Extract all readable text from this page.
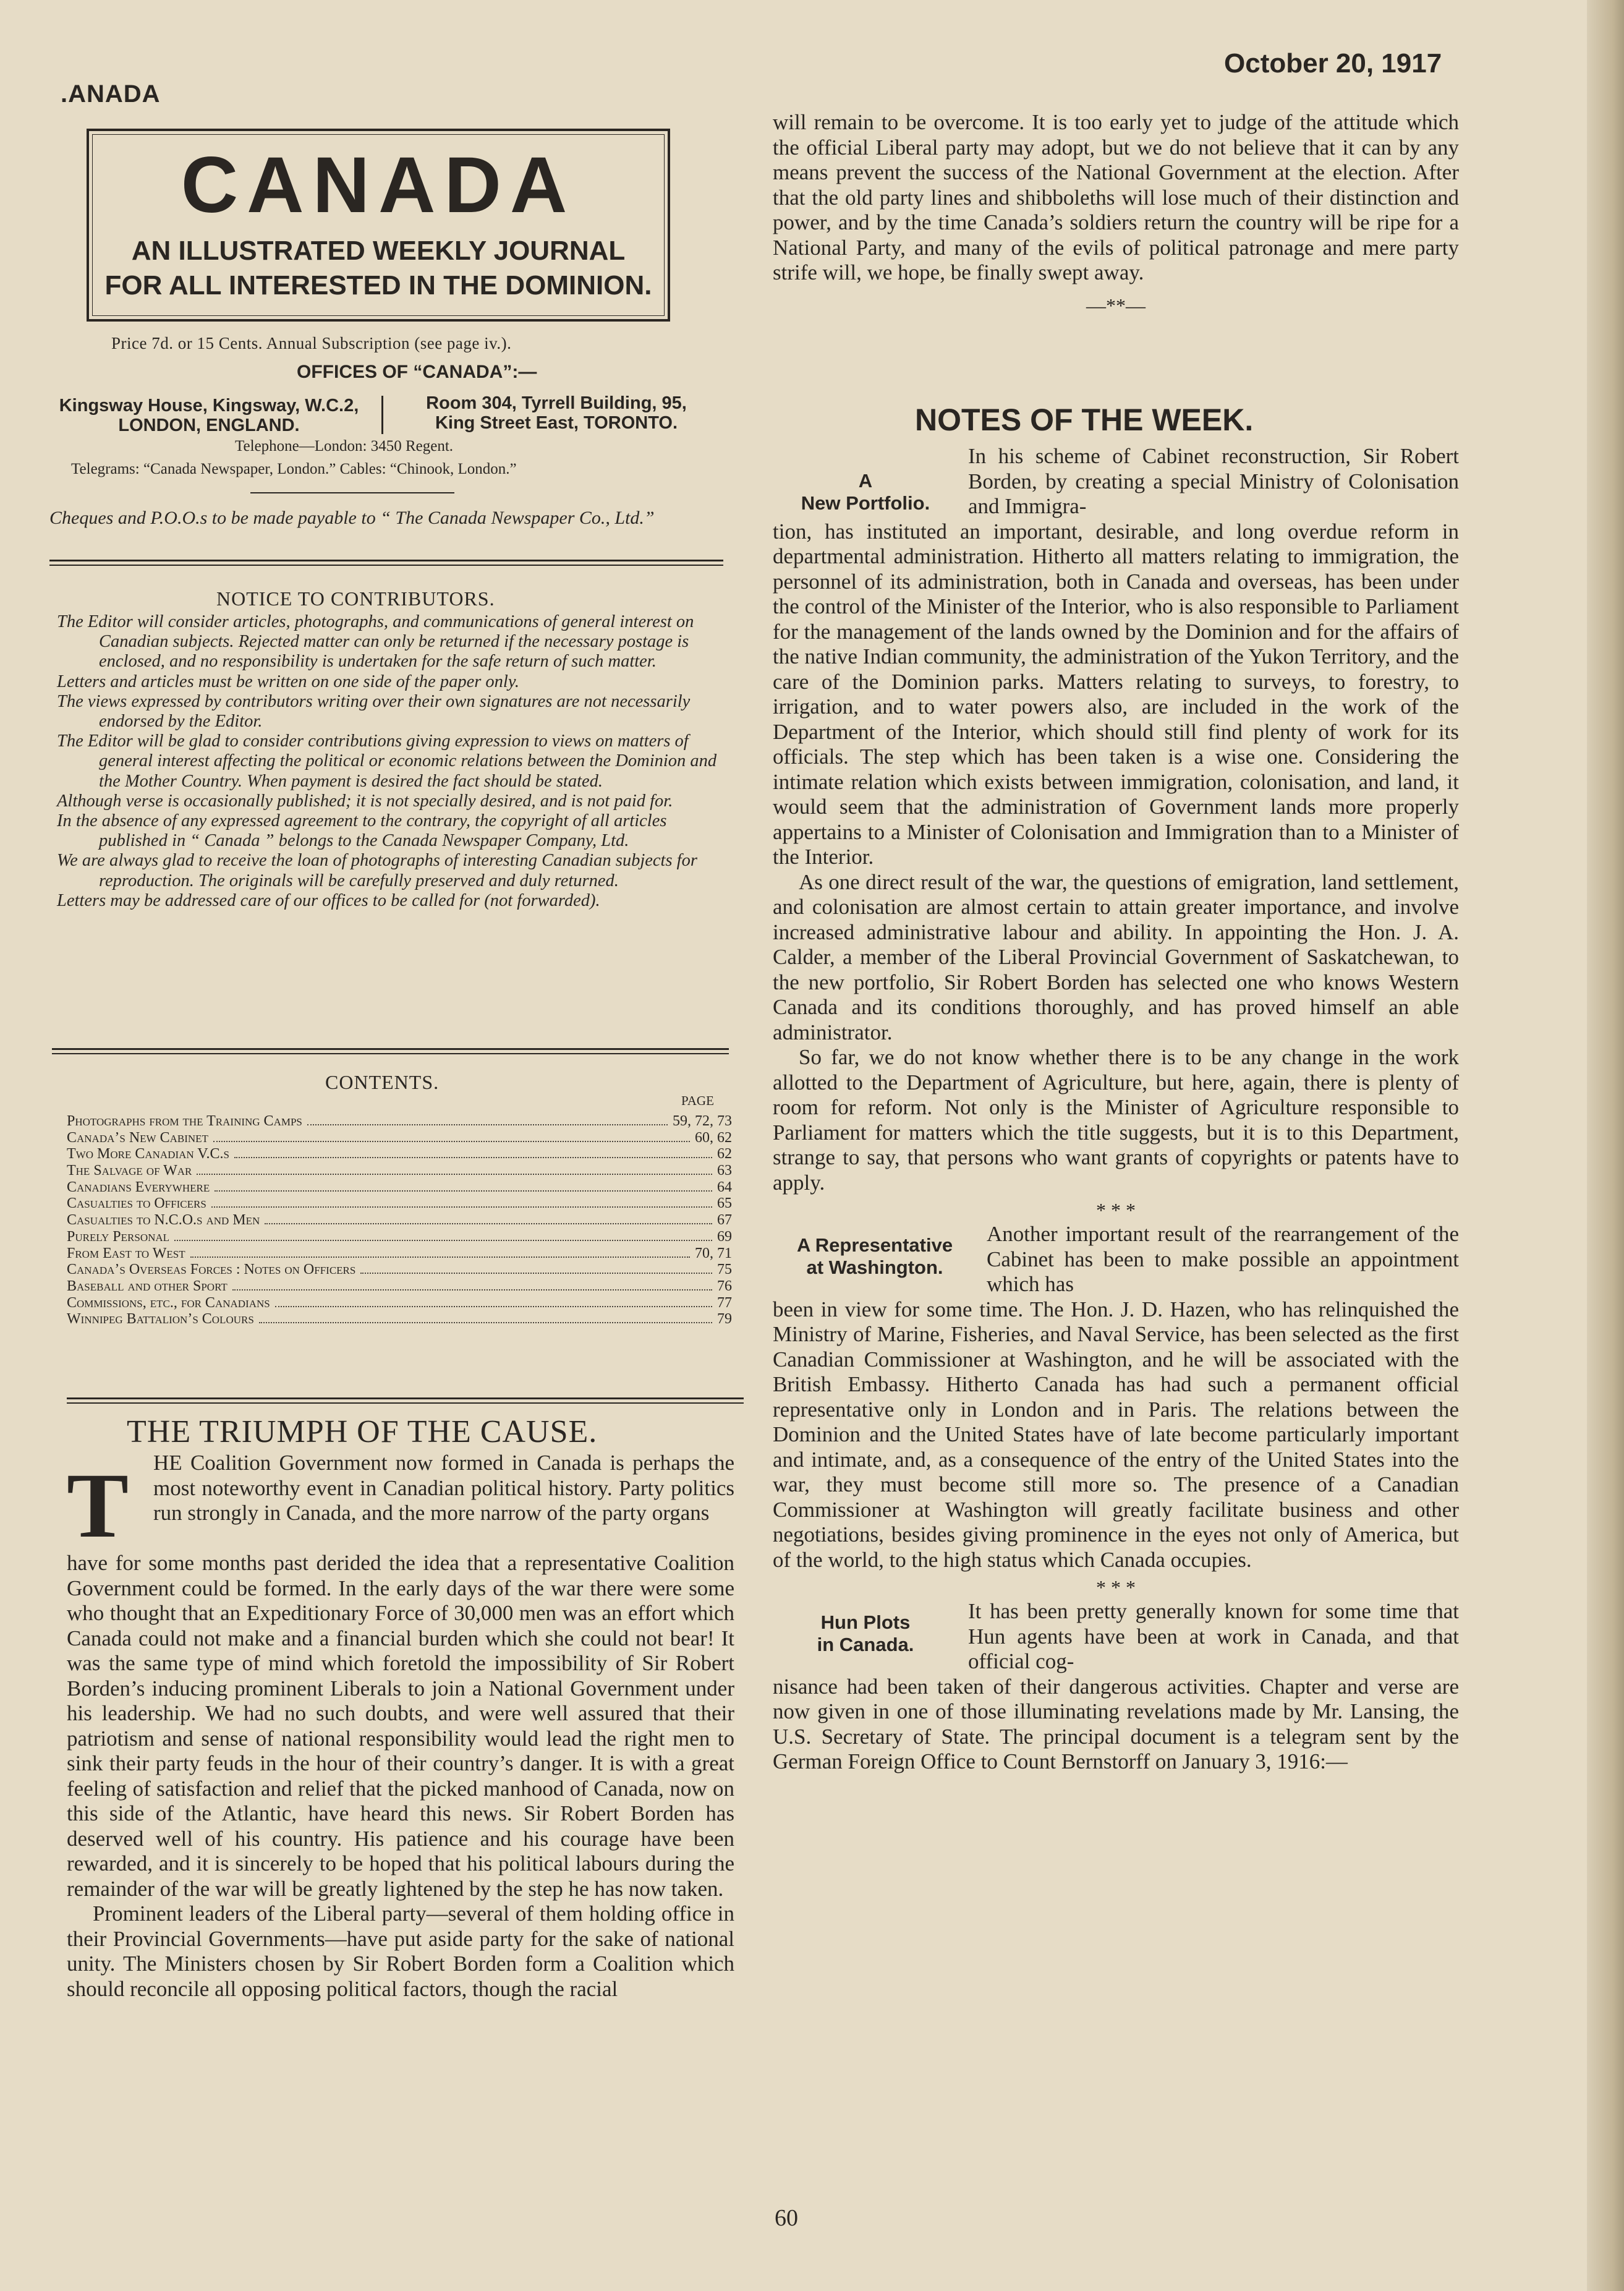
.ANADA
October 20, 1917
CANADA
AN ILLUSTRATED WEEKLY JOURNAL
FOR ALL INTERESTED IN THE DOMINION.
Price 7d. or 15 Cents. Annual Subscription (see page iv.).
OFFICES OF “CANADA”:—
Kingsway House, Kingsway, W.C.2,
LONDON, ENGLAND.
Room 304, Tyrrell Building, 95,
King Street East, TORONTO.
Telephone—London: 3450 Regent.
Telegrams: “Canada Newspaper, London.” Cables: “Chinook, London.”
Cheques and P.O.O.s to be made payable to “ The Canada Newspaper Co., Ltd.”
NOTICE TO CONTRIBUTORS.

The Editor will consider articles, photographs, and communications of general interest on Canadian subjects. Rejected matter can only be returned if the necessary postage is enclosed, and no responsibility is undertaken for the safe return of such matter.

Letters and articles must be written on one side of the paper only.

The views expressed by contributors writing over their own signatures are not necessarily endorsed by the Editor.

The Editor will be glad to consider contributions giving expression to views on matters of general interest affecting the political or economic relations between the Dominion and the Mother Country. When payment is desired the fact should be stated.

Although verse is occasionally published; it is not specially desired, and is not paid for.

In the absence of any expressed agreement to the contrary, the copyright of all articles published in “ Canada ” belongs to the Canada Newspaper Company, Ltd.

We are always glad to receive the loan of photographs of interesting Canadian subjects for reproduction. The originals will be carefully preserved and duly returned.

Letters may be addressed care of our offices to be called for (not forwarded).

CONTENTS.
PAGE
Photographs from the Training Camps	59, 72, 73
Canada’s New Cabinet	60, 62
Two More Canadian V.C.s	62
The Salvage of War	63
Canadians Everywhere	64
Casualties to Officers	65
Casualties to N.C.O.s and Men	67
Purely Personal	69
From East to West	70, 71
Canada’s Overseas Forces : Notes on Officers	75
Baseball and other Sport	76
Commissions, etc., for Canadians	77
Winnipeg Battalion’s Colours	79
THE TRIUMPH OF THE CAUSE.
T HE Coalition Government now formed in Canada is perhaps the most noteworthy event in Canadian political history. Party politics run strongly in Canada, and the more narrow of the party organs

have for some months past derided the idea that a representative Coalition Government could be formed. In the early days of the war there were some who thought that an Expeditionary Force of 30,000 men was an effort which Canada could not make and a financial burden which she could not bear! It was the same type of mind which foretold the impossibility of Sir Robert Borden’s inducing prominent Liberals to join a National Government under his leadership. We had no such doubts, and were well assured that their patriotism and sense of national responsibility would lead the right men to sink their party feuds in the hour of their country’s danger. It is with a great feeling of satisfaction and relief that the picked manhood of Canada, now on this side of the Atlantic, have heard this news. Sir Robert Borden has deserved well of his country. His patience and his courage have been rewarded, and it is sincerely to be hoped that his political labours during the remainder of the war will be greatly lightened by the step he has now taken.

Prominent leaders of the Liberal party—several of them holding office in their Provincial Governments—have put aside party for the sake of national unity. The Ministers chosen by Sir Robert Borden form a Coalition which should reconcile all opposing political factors, though the racial

will remain to be overcome. It is too early yet to judge of the attitude which the official Liberal party may adopt, but we do not believe that it can by any means prevent the success of the National Government at the election. After that the old party lines and shibboleths will lose much of their distinction and power, and by the time Canada’s soldiers return the country will be ripe for a National Party, and many of the evils of political patronage and mere party strife will, we hope, be finally swept away.
—**—
NOTES OF THE WEEK.
A
New Portfolio.
In his scheme of Cabinet reconstruction, Sir Robert Borden, by creating a special Ministry of Colonisation and Immigra-

tion, has instituted an important, desirable, and long overdue reform in departmental administration. Hitherto all matters relating to immigration, the personnel of its administration, both in Canada and overseas, has been under the control of the Minister of the Interior, who is also responsible to Parliament for the management of the lands owned by the Dominion and for the affairs of the native Indian community, the administration of the Yukon Territory, and the care of the Dominion parks. Matters relating to surveys, to forestry, to irrigation, and to water powers also, are included in the work of the Department of the Interior, which should still find plenty of work for its officials. The step which has been taken is a wise one. Considering the intimate relation which exists between immigration, colonisation, and land, it would seem that the administration of Government lands more properly appertains to a Minister of Colonisation and Immigration than to a Minister of the Interior.

As one direct result of the war, the questions of emigration, land settlement, and colonisation are almost certain to attain greater importance, and involve increased administrative labour and ability. In appointing the Hon. J. A. Calder, a member of the Liberal Provincial Government of Saskatchewan, to the new portfolio, Sir Robert Borden has selected one who knows Western Canada and its conditions thoroughly, and has proved himself an able administrator.

So far, we do not know whether there is to be any change in the work allotted to the Department of Agriculture, but here, again, there is plenty of room for reform. Not only is the Minister of Agriculture responsible to Parliament for matters which the title suggests, but it is to this Department, strange to say, that persons who want grants of copyrights or patents have to apply.

* * *
A Representative
at Washington.
Another important result of the rearrangement of the Cabinet has been to make possible an appointment which has

been in view for some time. The Hon. J. D. Hazen, who has relinquished the Ministry of Marine, Fisheries, and Naval Service, has been selected as the first Canadian Commissioner at Washington, and he will be associated with the British Embassy. Hitherto Canada has had such a permanent official representative only in London and in Paris. The relations between the Dominion and the United States have of late become particularly important and intimate, and, as a consequence of the entry of the United States into the war, they must become still more so. The presence of a Canadian Commissioner at Washington will greatly facilitate business and other negotiations, besides giving prominence in the eyes not only of America, but of the world, to the high status which Canada occupies.

* * *
Hun Plots
in Canada.
It has been pretty generally known for some time that Hun agents have been at work in Canada, and that official cog-

nisance had been taken of their dangerous activities. Chapter and verse are now given in one of those illuminating revelations made by Mr. Lansing, the U.S. Secretary of State. The principal document is a telegram sent by the German Foreign Office to Count Bernstorff on January 3, 1916:—

60
